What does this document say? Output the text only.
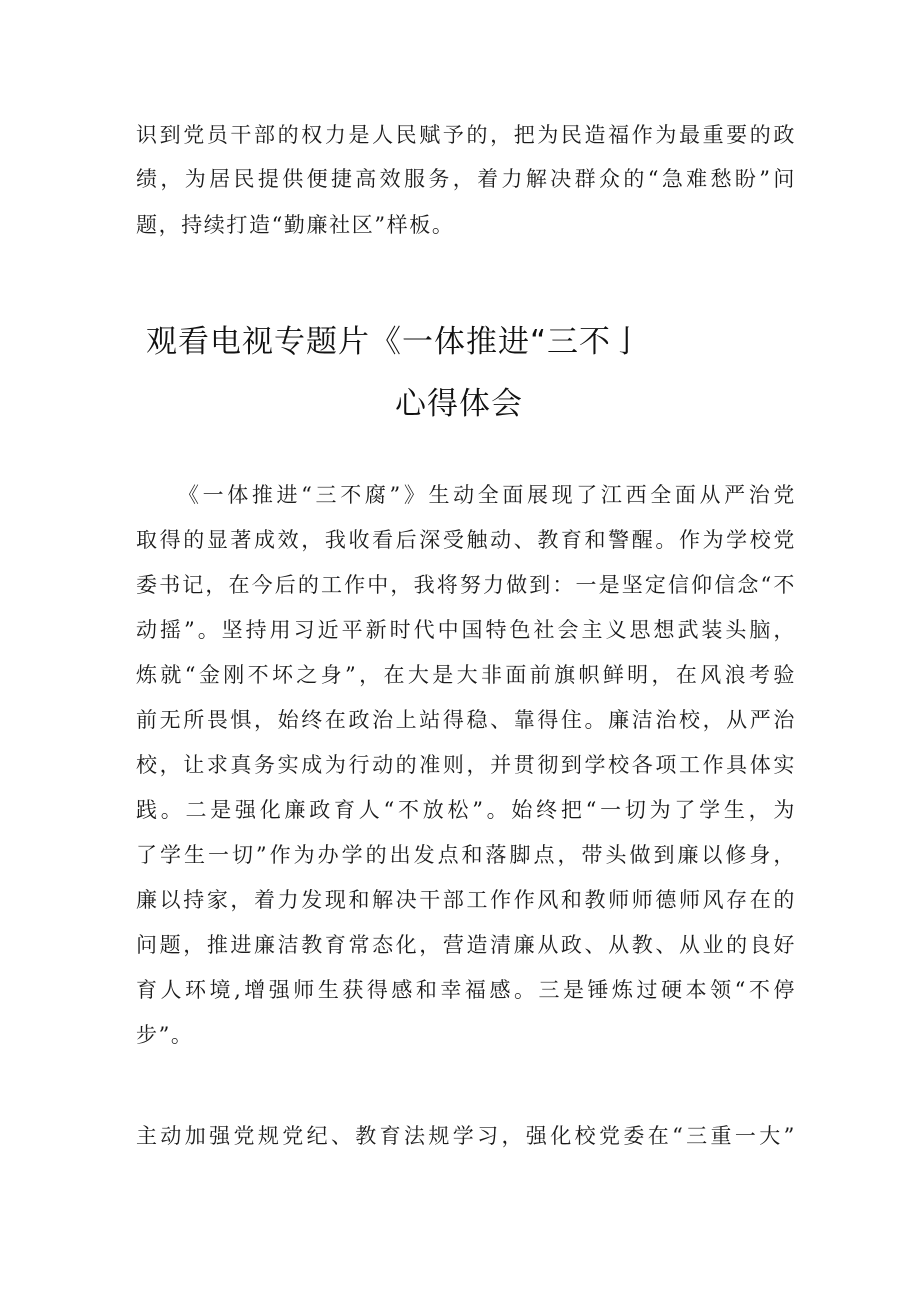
识到党员干部的权力是人民赋予的，把为民造福作为最重要的政
绩，为居民提供便捷高效服务，着力解决群众的“急难愁盼”问
题，持续打造“勤廉社区”样板。
观看电视专题片《一体推进“三不亅
心得体会
《一体推进“三不腐”》生动全面展现了江西全面从严治党
取得的显著成效，我收看后深受触动、教育和警醒。作为学校党
委书记，在今后的工作中，我将努力做到：一是坚定信仰信念“不
动摇”。坚持用习近平新时代中国特色社会主义思想武装头脑，
炼就“金刚不坏之身”，在大是大非面前旗帜鲜明，在风浪考验
前无所畏惧，始终在政治上站得稳、靠得住。廉洁治校，从严治
校，让求真务实成为行动的准则，并贯彻到学校各项工作具体实
践。二是强化廉政育人“不放松”。始终把“一切为了学生，为
了学生一切”作为办学的出发点和落脚点，带头做到廉以修身，
廉以持家，着力发现和解决干部工作作风和教师师德师风存在的
问题，推进廉洁教育常态化，营造清廉从政、从教、从业的良好
育人环境,增强师生获得感和幸福感。三是锤炼过硬本领“不停
步”。
主动加强党规党纪、教育法规学习，强化校党委在“三重一大”
